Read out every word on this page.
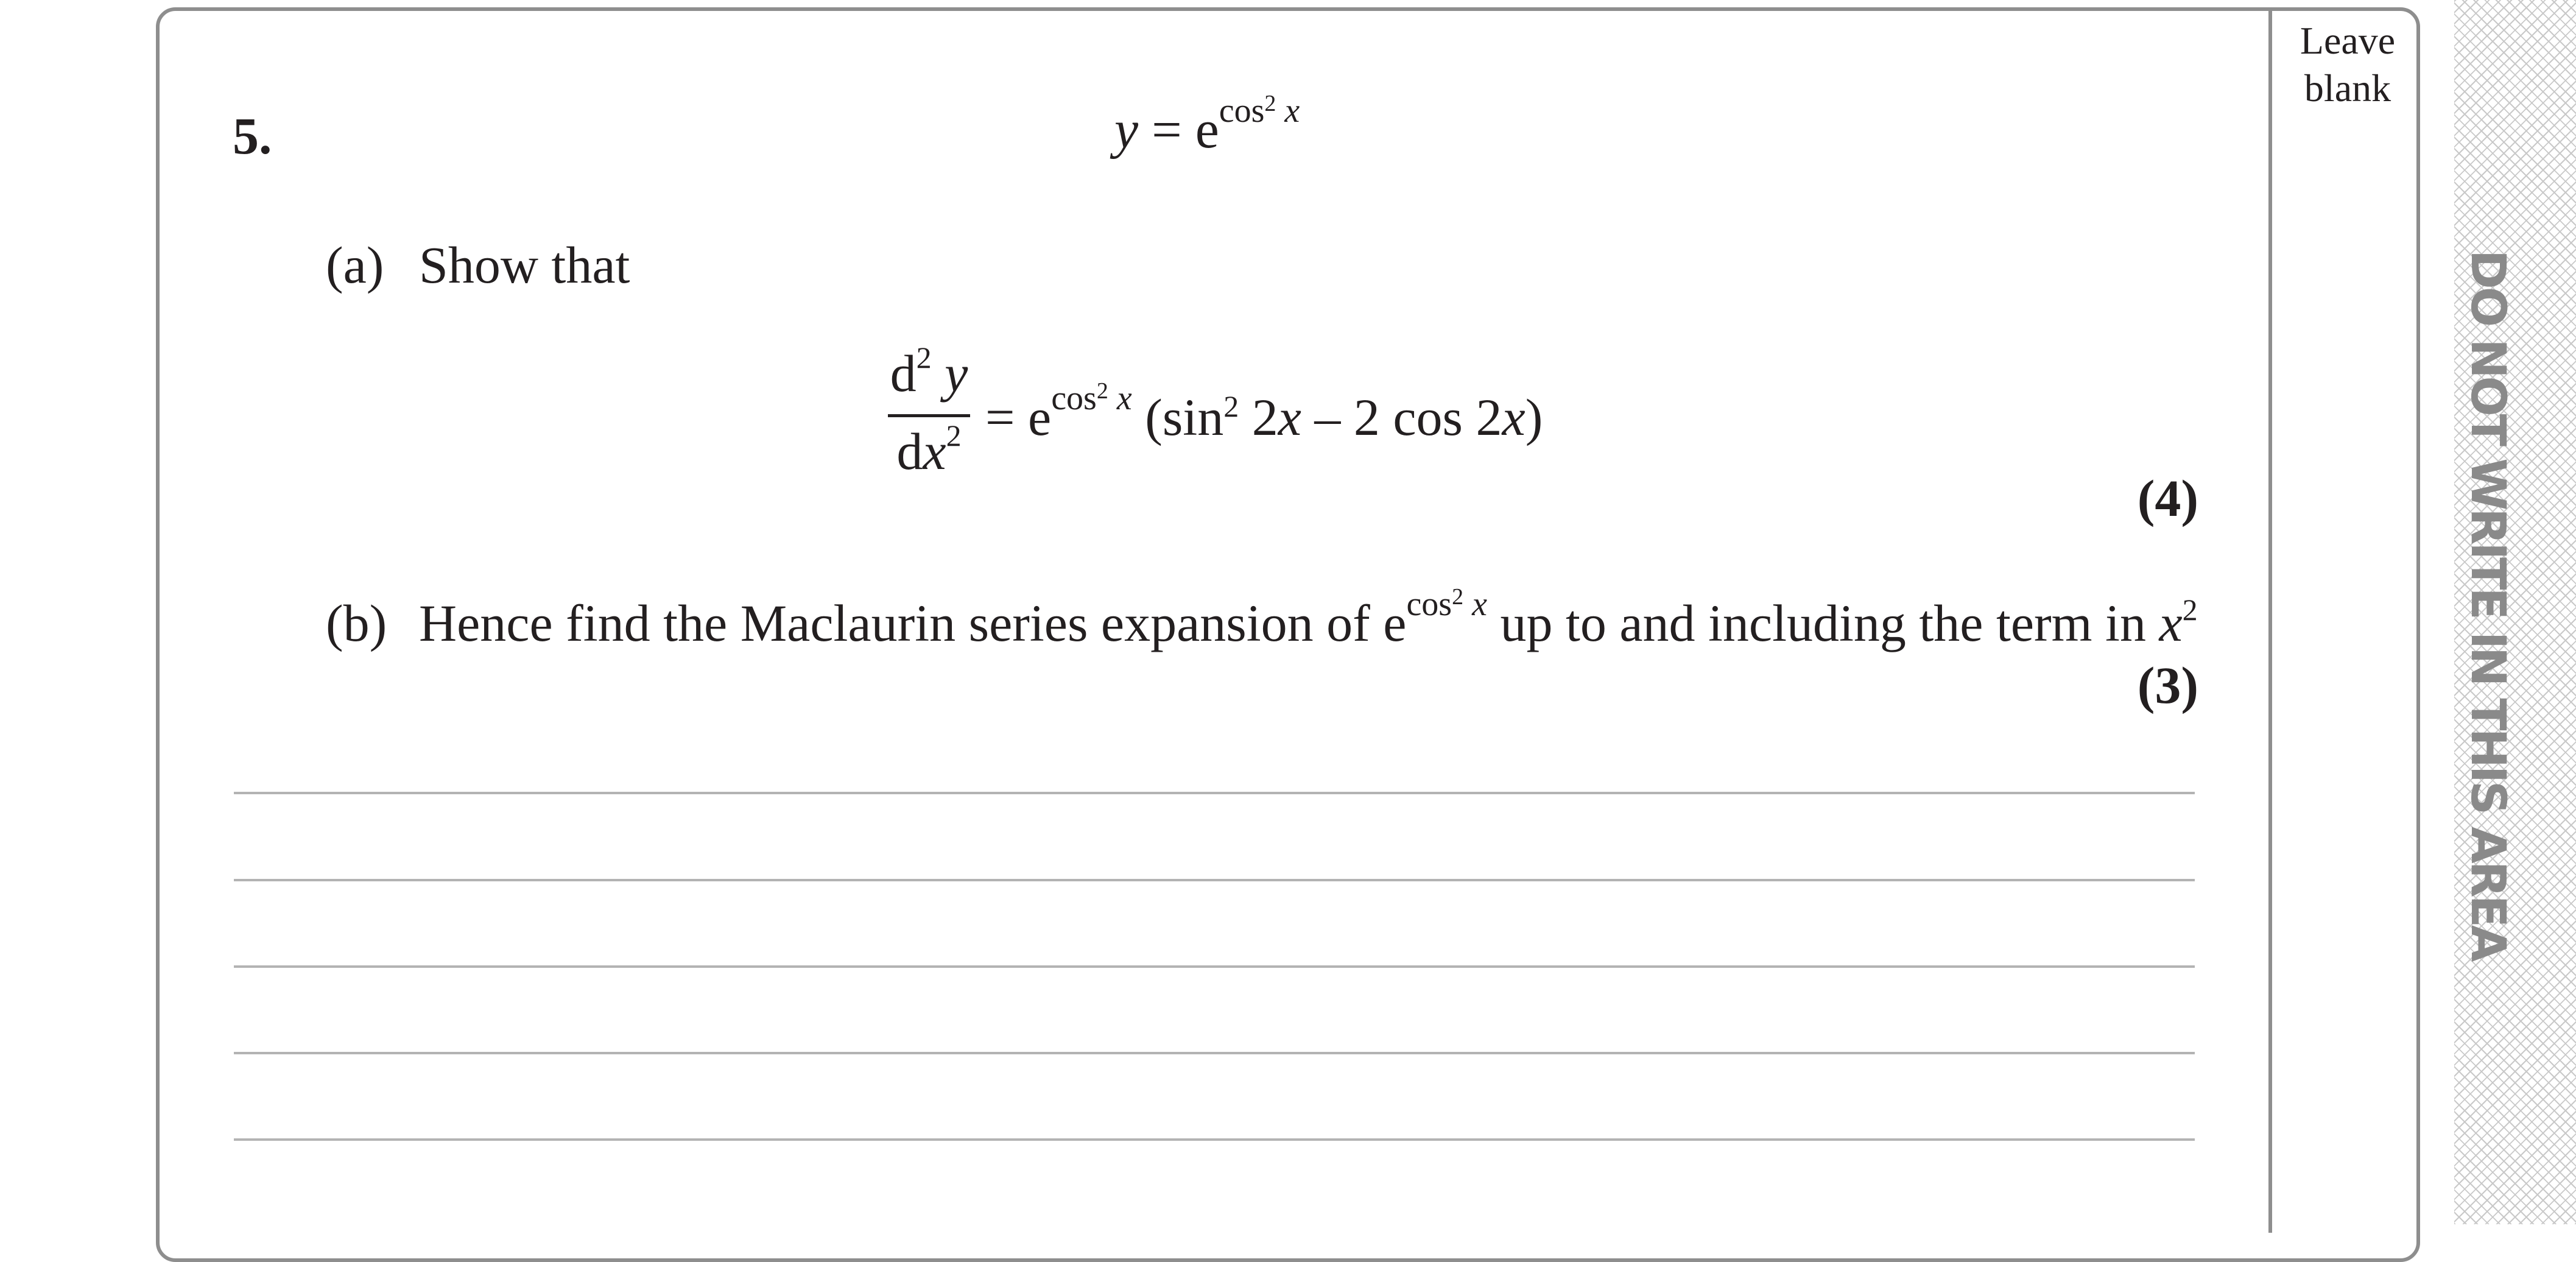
DO NOT WRITE IN THIS AREA
Leave
blank
5.	$y = e^{cos^2 x}$
(a) Show that
$d^2$ y
$dx^2 = e^{cos^2 x}$ ($\sin^2$ 2x – 2 cos 2x)
(4)
(b) Hence find the Maclaurin series expansion of $e^{cos^2 x}$ up to and including the term in $x^2$
(3)
